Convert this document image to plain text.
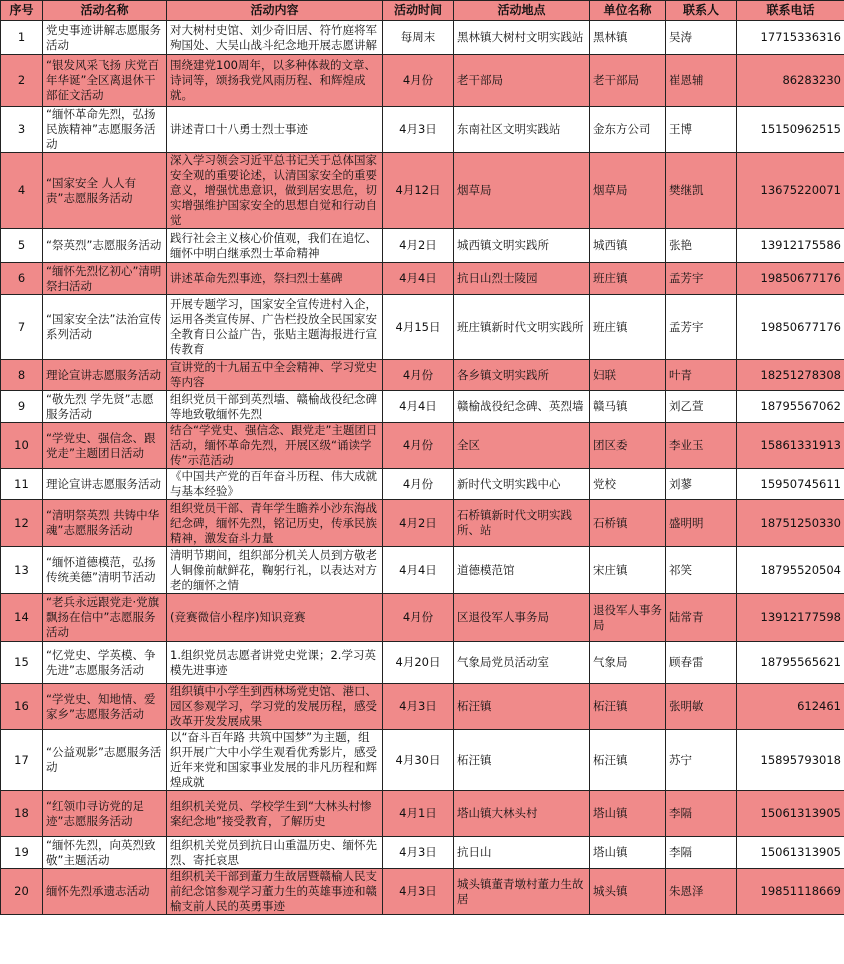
序号	活动名称	活动内容	活动时间	活动地点	单位名称	联系人	联系电话
1	党史事迹讲解志愿服务活动	对大树村史馆、刘少奇旧居、符竹庭将军殉国处、大吴山战斗纪念地开展志愿讲解	每周末	黑林镇大树村文明实践站	黑林镇	吴涛	17715336316
2	“银发风采飞扬 庆党百年华诞”全区离退休干部征文活动	围绕建党100周年，以多种体裁的文章、诗词等，颂扬我党风雨历程、和辉煌成就。	4月份	老干部局	老干部局	崔恩辅	86283230
3	“缅怀革命先烈，弘扬民族精神”志愿服务活动	讲述青口十八勇士烈士事迹	4月3日	东南社区文明实践站	金东方公司	王博	15150962515
4	“国家安全 人人有责”志愿服务活动	深入学习领会习近平总书记关于总体国家安全观的重要论述，认清国家安全的重要意义，增强忧患意识，做到居安思危，切实增强维护国家安全的思想自觉和行动自觉	4月12日	烟草局	烟草局	樊继凯	13675220071
5	“祭英烈”志愿服务活动	践行社会主义核心价值观，我们在追忆、缅怀中明白继承烈士革命精神	4月2日	城西镇文明实践所	城西镇	张艳	13912175586
6	“缅怀先烈忆初心”清明祭扫活动	讲述革命先烈事迹，祭扫烈士墓碑	4月4日	抗日山烈士陵园	班庄镇	孟芳宇	19850677176
7	“国家安全法”法治宣传系列活动	开展专题学习，国家安全宣传进村入企，运用各类宣传屏、广告栏投放全民国家安全教育日公益广告，张贴主题海报进行宣传教育	4月15日	班庄镇新时代文明实践所	班庄镇	孟芳宇	19850677176
8	理论宣讲志愿服务活动	宣讲党的十九届五中全会精神、学习党史等内容	4月份	各乡镇文明实践所	妇联	叶青	18251278308
9	“敬先烈 学先贤”志愿服务活动	组织党员干部到英烈墙、赣榆战役纪念碑等地致敬缅怀先烈	4月4日	赣榆战役纪念碑、英烈墙	赣马镇	刘乙萱	18795567062
10	“学党史、强信念、跟党走”主题团日活动	结合“学党史、强信念、跟党走”主题团日活动，缅怀革命先烈，开展区级“诵读学传”示范活动	4月份	全区	团区委	李业玉	15861331913
11	理论宣讲志愿服务活动	《中国共产党的百年奋斗历程、伟大成就与基本经验》	4月份	新时代文明实践中心	党校	刘蓼	15950745611
12	“清明祭英烈 共铸中华魂”志愿服务活动	组织党员干部、青年学生瞻养小沙东海战纪念碑，缅怀先烈，铭记历史，传承民族精神，激发奋斗力量	4月2日	石桥镇新时代文明实践所、站	石桥镇	盛明明	18751250330
13	“缅怀道德模范，弘扬传统美德”清明节活动	清明节期间，组织部分机关人员到方敬老人铜像前献鲜花，鞠躬行礼，以表达对方老的缅怀之情	4月4日	道德模范馆	宋庄镇	祁笑	18795520504
14	“老兵永远跟党走·党旗飘扬在信中”志愿服务活动	(竞赛微信小程序)知识竞赛	4月份	区退役军人事务局	退役军人事务局	陆常青	13912177598
15	“忆党史、学英模、争先进”志愿服务活动	1.组织党员志愿者讲党史党课；2.学习英模先进事迹	4月20日	气象局党员活动室	气象局	顾春雷	18795565621
16	“学党史、知地情、爱家乡”志愿服务活动	组织镇中小学生到西林场党史馆、港口、园区参观学习，学习党的发展历程，感受改革开发发展成果	4月3日	柘汪镇	柘汪镇	张明敏	612461
17	“公益观影”志愿服务活动	以“奋斗百年路 共筑中国梦”为主题，组织开展广大中小学生观看优秀影片，感受近年来党和国家事业发展的非凡历程和辉煌成就	4月30日	柘汪镇	柘汪镇	苏宁	15895793018
18	“红领巾寻访党的足迹”志愿服务活动	组织机关党员、学校学生到“大林头村惨案纪念地”接受教育，了解历史	4月1日	塔山镇大林头村	塔山镇	李隔	15061313905
19	“缅怀先烈，向英烈致敬”主题活动	组织机关党员到抗日山重温历史、缅怀先烈、寄托哀思	4月3日	抗日山	塔山镇	李隔	15061313905
20	缅怀先烈承遗志活动	组织机关干部到董力生故居暨赣榆人民支前纪念馆参观学习董力生的英雄事迹和赣榆支前人民的英勇事迹	4月3日	城头镇董青墩村董力生故居	城头镇	朱恩泽	19851118669
